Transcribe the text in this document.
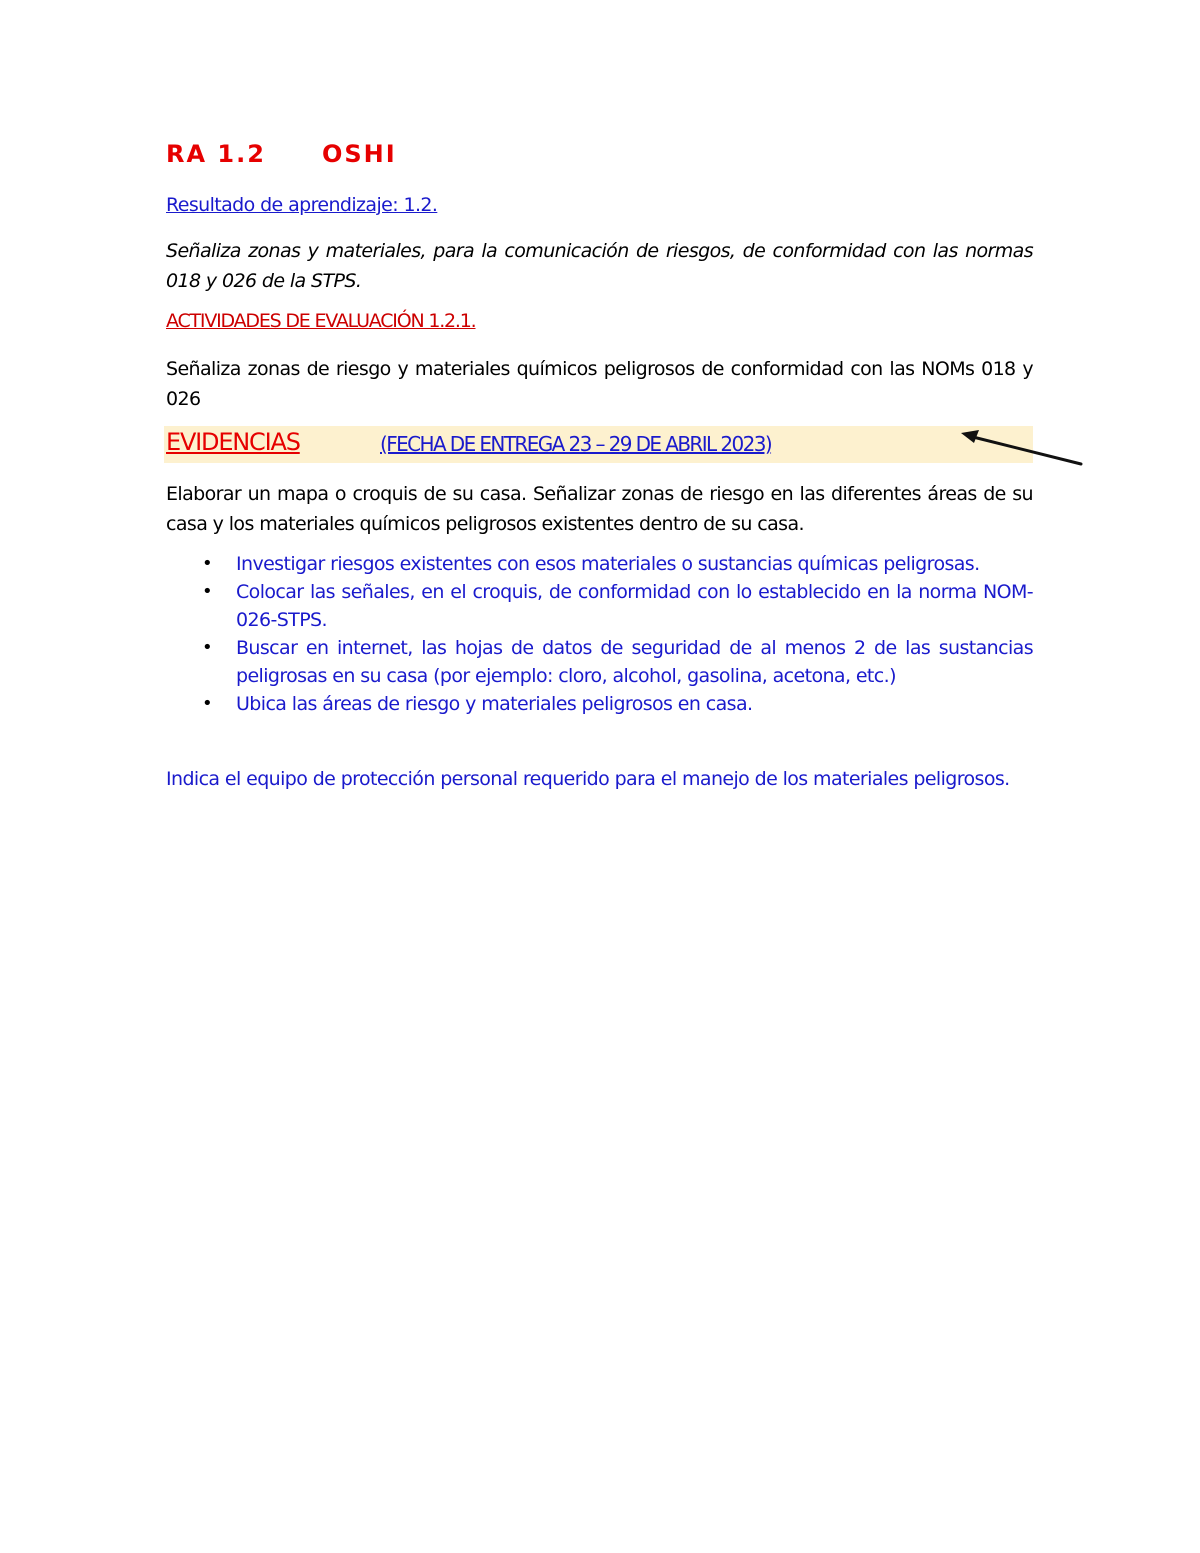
RA 1.2 OSHI
Resultado de aprendizaje: 1.2.
Señaliza zonas y materiales, para la comunicación de riesgos, de conformidad con las normas 018 y 026 de la STPS.
ACTIVIDADES DE EVALUACIÓN 1.2.1.
Señaliza zonas de riesgo y materiales químicos peligrosos de conformidad con las NOMs 018 y 026
EVIDENCIAS	(FECHA DE ENTREGA 23 – 29 DE ABRIL 2023)
Elaborar un mapa o croquis de su casa. Señalizar zonas de riesgo en las diferentes áreas de su casa y los materiales químicos peligrosos existentes dentro de su casa.
• Investigar riesgos existentes con esos materiales o sustancias químicas peligrosas.
• Colocar las señales, en el croquis, de conformidad con lo establecido en la norma NOM-026-STPS.
• Buscar en internet, las hojas de datos de seguridad de al menos 2 de las sustancias peligrosas en su casa (por ejemplo: cloro, alcohol, gasolina, acetona, etc.)
• Ubica las áreas de riesgo y materiales peligrosos en casa.
Indica el equipo de protección personal requerido para el manejo de los materiales peligrosos.
